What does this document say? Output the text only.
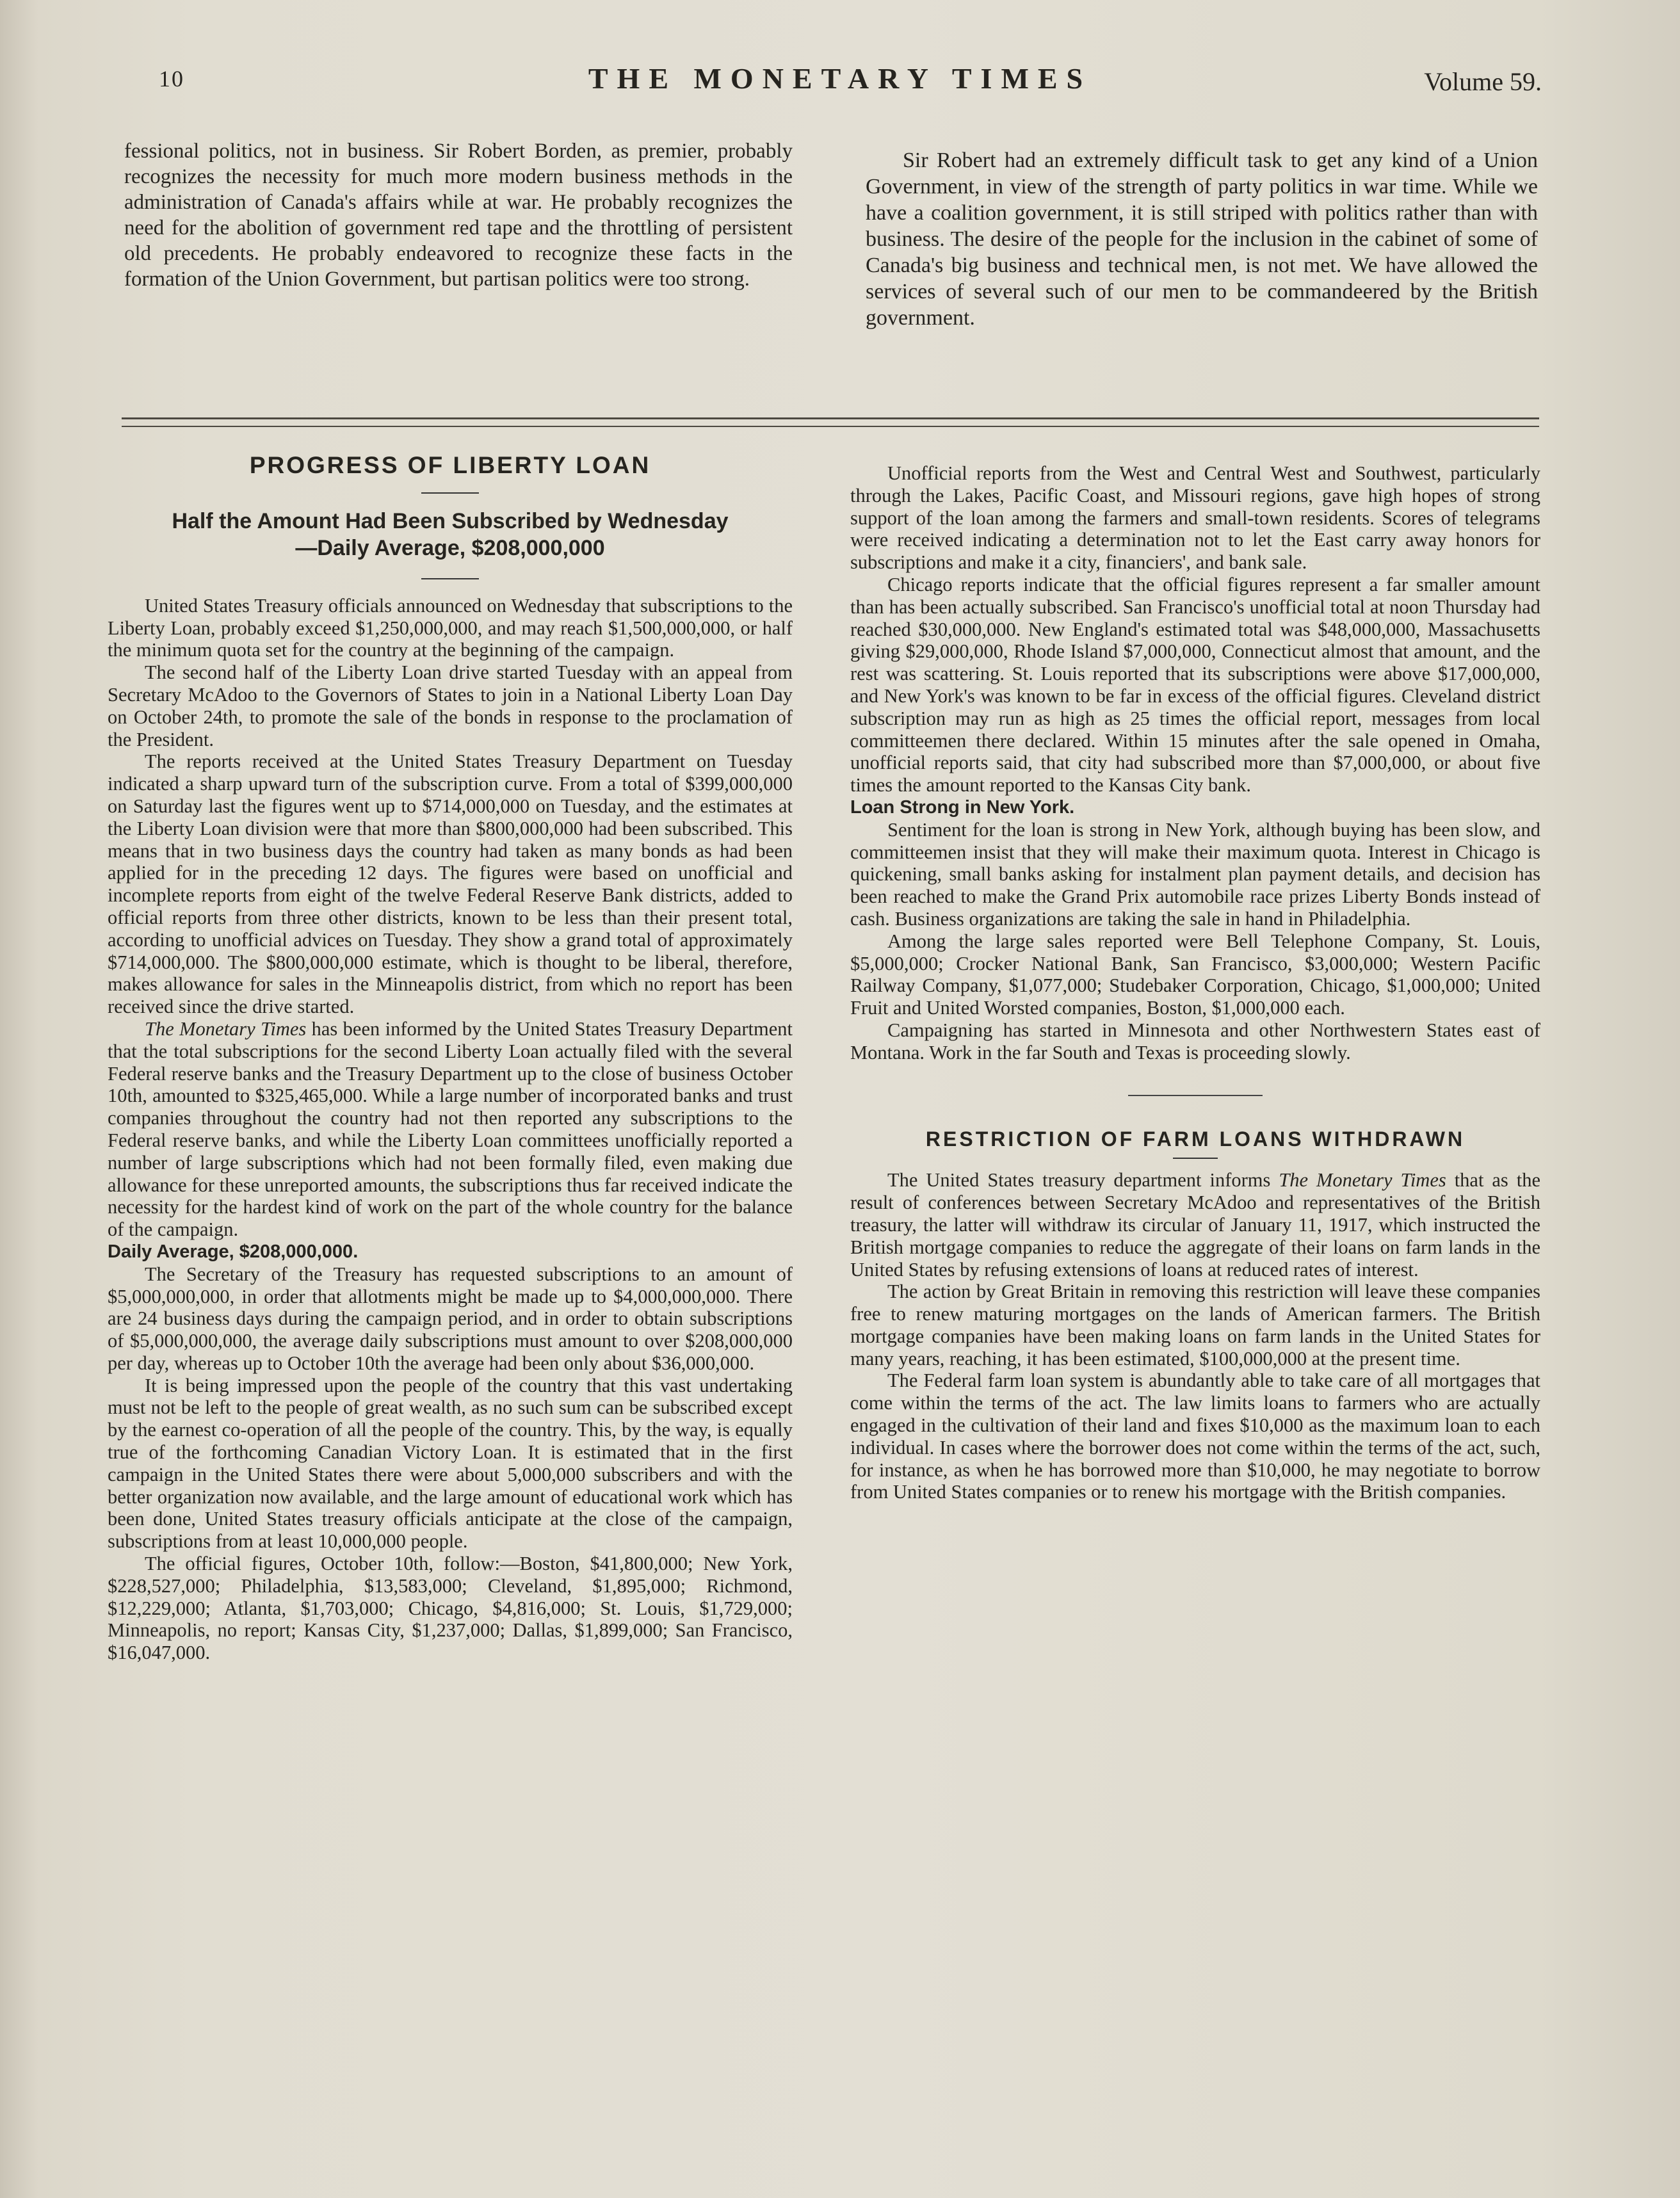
10	THE MONETARY TIMES	Volume 59.

fessional politics, not in business. Sir Robert Borden, as premier, probably recognizes the necessity for much more modern business methods in the administration of Canada's affairs while at war. He probably recognizes the need for the abolition of government red tape and the throttling of persistent old precedents. He probably endeavored to recognize these facts in the formation of the Union Government, but partisan politics were too strong.

Sir Robert had an extremely difficult task to get any kind of a Union Government, in view of the strength of party politics in war time. While we have a coalition government, it is still striped with politics rather than with business. The desire of the people for the inclusion in the cabinet of some of Canada's big business and technical men, is not met. We have allowed the services of several such of our men to be commandeered by the British government.

PROGRESS OF LIBERTY LOAN
Half the Amount Had Been Subscribed by Wednesday
—Daily Average, $208,000,000

United States Treasury officials announced on Wednesday that subscriptions to the Liberty Loan, probably exceed $1,250,000,000, and may reach $1,500,000,000, or half the minimum quota set for the country at the beginning of the campaign.

The second half of the Liberty Loan drive started Tuesday with an appeal from Secretary McAdoo to the Governors of States to join in a National Liberty Loan Day on October 24th, to promote the sale of the bonds in response to the proclamation of the President.

The reports received at the United States Treasury Department on Tuesday indicated a sharp upward turn of the subscription curve. From a total of $399,000,000 on Saturday last the figures went up to $714,000,000 on Tuesday, and the estimates at the Liberty Loan division were that more than $800,000,000 had been subscribed. This means that in two business days the country had taken as many bonds as had been applied for in the preceding 12 days. The figures were based on unofficial and incomplete reports from eight of the twelve Federal Reserve Bank districts, added to official reports from three other districts, known to be less than their present total, according to unofficial advices on Tuesday. They show a grand total of approximately $714,000,000. The $800,000,000 estimate, which is thought to be liberal, therefore, makes allowance for sales in the Minneapolis district, from which no report has been received since the drive started.

The Monetary Times has been informed by the United States Treasury Department that the total subscriptions for the second Liberty Loan actually filed with the several Federal reserve banks and the Treasury Department up to the close of business October 10th, amounted to $325,465,000. While a large number of incorporated banks and trust companies throughout the country had not then reported any subscriptions to the Federal reserve banks, and while the Liberty Loan committees unofficially reported a number of large subscriptions which had not been formally filed, even making due allowance for these unreported amounts, the subscriptions thus far received indicate the necessity for the hardest kind of work on the part of the whole country for the balance of the campaign.

Daily Average, $208,000,000.

The Secretary of the Treasury has requested subscriptions to an amount of $5,000,000,000, in order that allotments might be made up to $4,000,000,000. There are 24 business days during the campaign period, and in order to obtain subscriptions of $5,000,000,000, the average daily subscriptions must amount to over $208,000,000 per day, whereas up to October 10th the average had been only about $36,000,000.

It is being impressed upon the people of the country that this vast undertaking must not be left to the people of great wealth, as no such sum can be subscribed except by the earnest co-operation of all the people of the country. This, by the way, is equally true of the forthcoming Canadian Victory Loan. It is estimated that in the first campaign in the United States there were about 5,000,000 subscribers and with the better organization now available, and the large amount of educational work which has been done, United States treasury officials anticipate at the close of the campaign, subscriptions from at least 10,000,000 people.

The official figures, October 10th, follow:—Boston, $41,800,000; New York, $228,527,000; Philadelphia, $13,583,000; Cleveland, $1,895,000; Richmond, $12,229,000; Atlanta, $1,703,000; Chicago, $4,816,000; St. Louis, $1,729,000; Minneapolis, no report; Kansas City, $1,237,000; Dallas, $1,899,000; San Francisco, $16,047,000.

Unofficial reports from the West and Central West and Southwest, particularly through the Lakes, Pacific Coast, and Missouri regions, gave high hopes of strong support of the loan among the farmers and small-town residents. Scores of telegrams were received indicating a determination not to let the East carry away honors for subscriptions and make it a city, financiers', and bank sale.

Chicago reports indicate that the official figures represent a far smaller amount than has been actually subscribed. San Francisco's unofficial total at noon Thursday had reached $30,000,000. New England's estimated total was $48,000,000, Massachusetts giving $29,000,000, Rhode Island $7,000,000, Connecticut almost that amount, and the rest was scattering. St. Louis reported that its subscriptions were above $17,000,000, and New York's was known to be far in excess of the official figures. Cleveland district subscription may run as high as 25 times the official report, messages from local committeemen there declared. Within 15 minutes after the sale opened in Omaha, unofficial reports said, that city had subscribed more than $7,000,000, or about five times the amount reported to the Kansas City bank.

Loan Strong in New York.

Sentiment for the loan is strong in New York, although buying has been slow, and committeemen insist that they will make their maximum quota. Interest in Chicago is quickening, small banks asking for instalment plan payment details, and decision has been reached to make the Grand Prix automobile race prizes Liberty Bonds instead of cash. Business organizations are taking the sale in hand in Philadelphia.

Among the large sales reported were Bell Telephone Company, St. Louis, $5,000,000; Crocker National Bank, San Francisco, $3,000,000; Western Pacific Railway Company, $1,077,000; Studebaker Corporation, Chicago, $1,000,000; United Fruit and United Worsted companies, Boston, $1,000,000 each.

Campaigning has started in Minnesota and other Northwestern States east of Montana. Work in the far South and Texas is proceeding slowly.

RESTRICTION OF FARM LOANS WITHDRAWN

The United States treasury department informs The Monetary Times that as the result of conferences between Secretary McAdoo and representatives of the British treasury, the latter will withdraw its circular of January 11, 1917, which instructed the British mortgage companies to reduce the aggregate of their loans on farm lands in the United States by refusing extensions of loans at reduced rates of interest.

The action by Great Britain in removing this restriction will leave these companies free to renew maturing mortgages on the lands of American farmers. The British mortgage companies have been making loans on farm lands in the United States for many years, reaching, it has been estimated, $100,000,000 at the present time.

The Federal farm loan system is abundantly able to take care of all mortgages that come within the terms of the act. The law limits loans to farmers who are actually engaged in the cultivation of their land and fixes $10,000 as the maximum loan to each individual. In cases where the borrower does not come within the terms of the act, such, for instance, as when he has borrowed more than $10,000, he may negotiate to borrow from United States companies or to renew his mortgage with the British companies.
